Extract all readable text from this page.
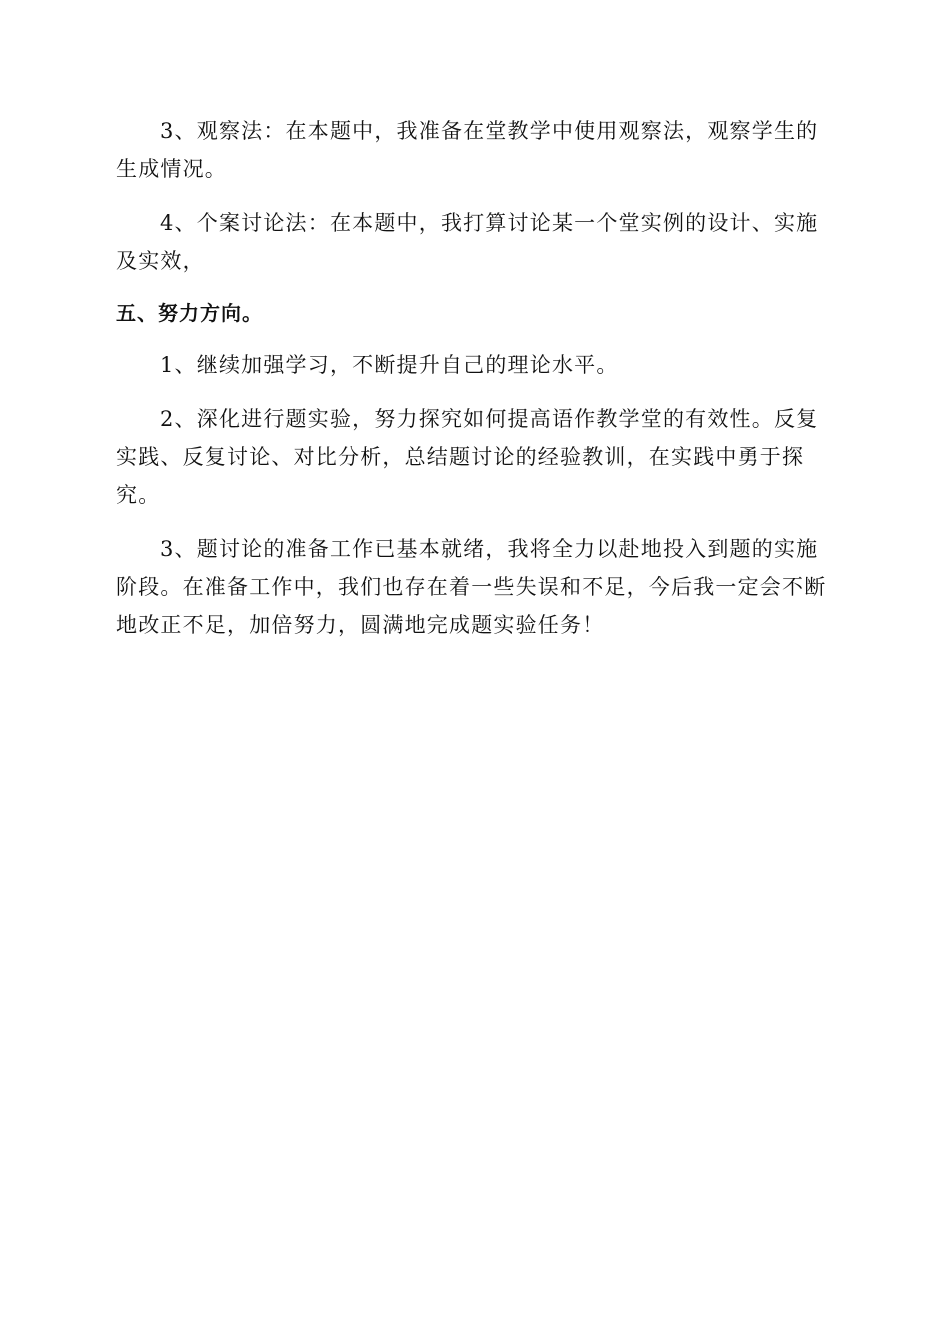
3、观察法：在本题中，我准备在堂教学中使用观察法，观察学生的生成情况。

4、个案讨论法：在本题中，我打算讨论某一个堂实例的设计、实施及实效，

五、努力方向。

1、继续加强学习，不断提升自己的理论水平。

2、深化进行题实验，努力探究如何提高语作教学堂的有效性。反复实践、反复讨论、对比分析，总结题讨论的经验教训，在实践中勇于探究。

3、题讨论的准备工作已基本就绪，我将全力以赴地投入到题的实施阶段。在准备工作中，我们也存在着一些失误和不足，今后我一定会不断地改正不足，加倍努力，圆满地完成题实验任务！
